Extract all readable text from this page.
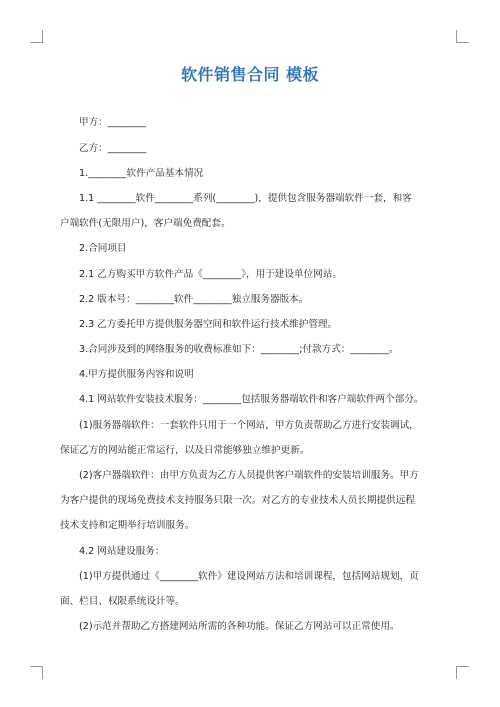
软件销售合同 模板
甲方：________
乙方：________
1.________软件产品基本情况
1.1 ________软件________系列(________)，提供包含服务器端软件一套，和客
户端软件(无限用户)，客户端免费配套。
2.合同项目
2.1 乙方购买甲方软件产品《________》，用于建设单位网站。
2.2 版本号：________软件________独立服务器版本。
2.3 乙方委托甲方提供服务器空间和软件运行技术维护管理。
3.合同涉及到的网络服务的收费标准如下：________;付款方式：________。
4.甲方提供服务内容和说明
4.1 网站软件安装技术服务：________包括服务器端软件和客户端软件两个部分。
(1)服务器端软件：一套软件只用于一个网站，甲方负责帮助乙方进行安装调试，
保证乙方的网站能正常运行，以及日常能够独立维护更新。
(2)客户器端软件：由甲方负责为乙方人员提供客户端软件的安装培训服务。甲方
为客户提供的现场免费技术支持服务只限一次。对乙方的专业技术人员长期提供远程
技术支持和定期举行培训服务。
4.2 网站建设服务：
(1)甲方提供通过《________软件》建设网站方法和培训课程，包括网站规划，页
面、栏目、权限系统设计等。
(2)示范并帮助乙方搭建网站所需的各种功能。保证乙方网站可以正常使用。
